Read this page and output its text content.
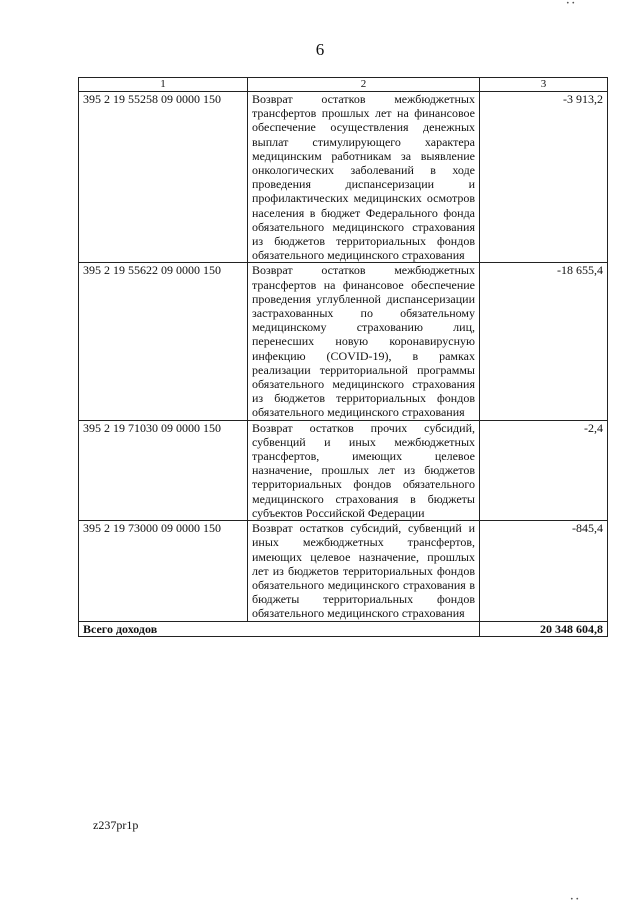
6
1	2	3
395 2 19 55258 09 0000 150	Возврат остатков межбюджетных трансфертов прошлых лет на финансовое обеспечение осуществления денежных выплат стимулирующего характера медицинским работникам за выявление онкологических заболеваний в ходе проведения диспансеризации и профилактических медицинских осмотров населения в бюджет Федерального фонда обязательного медицинского страхования из бюджетов территориальных фондов обязательного медицинского страхования	-3 913,2
395 2 19 55622 09 0000 150	Возврат остатков межбюджетных трансфертов на финансовое обеспечение проведения углубленной диспансеризации застрахованных по обязательному медицинскому страхованию лиц, перенесших новую коронавирусную инфекцию (COVID-19), в рамках реализации территориальной программы обязательного медицинского страхования из бюджетов территориальных фондов обязательного медицинского страхования	-18 655,4
395 2 19 71030 09 0000 150	Возврат остатков прочих субсидий, субвенций и иных межбюджетных трансфертов, имеющих целевое назначение, прошлых лет из бюджетов территориальных фондов обязательного медицинского страхования в бюджеты субъектов Российской Федерации	-2,4
395 2 19 73000 09 0000 150	Возврат остатков субсидий, субвенций и иных межбюджетных трансфертов, имеющих целевое назначение, прошлых лет из бюджетов территориальных фондов обязательного медицинского страхования в бюджеты территориальных фондов обязательного медицинского страхования	-845,4
Всего доходов		20 348 604,8
z237pr1p
• •
• •
